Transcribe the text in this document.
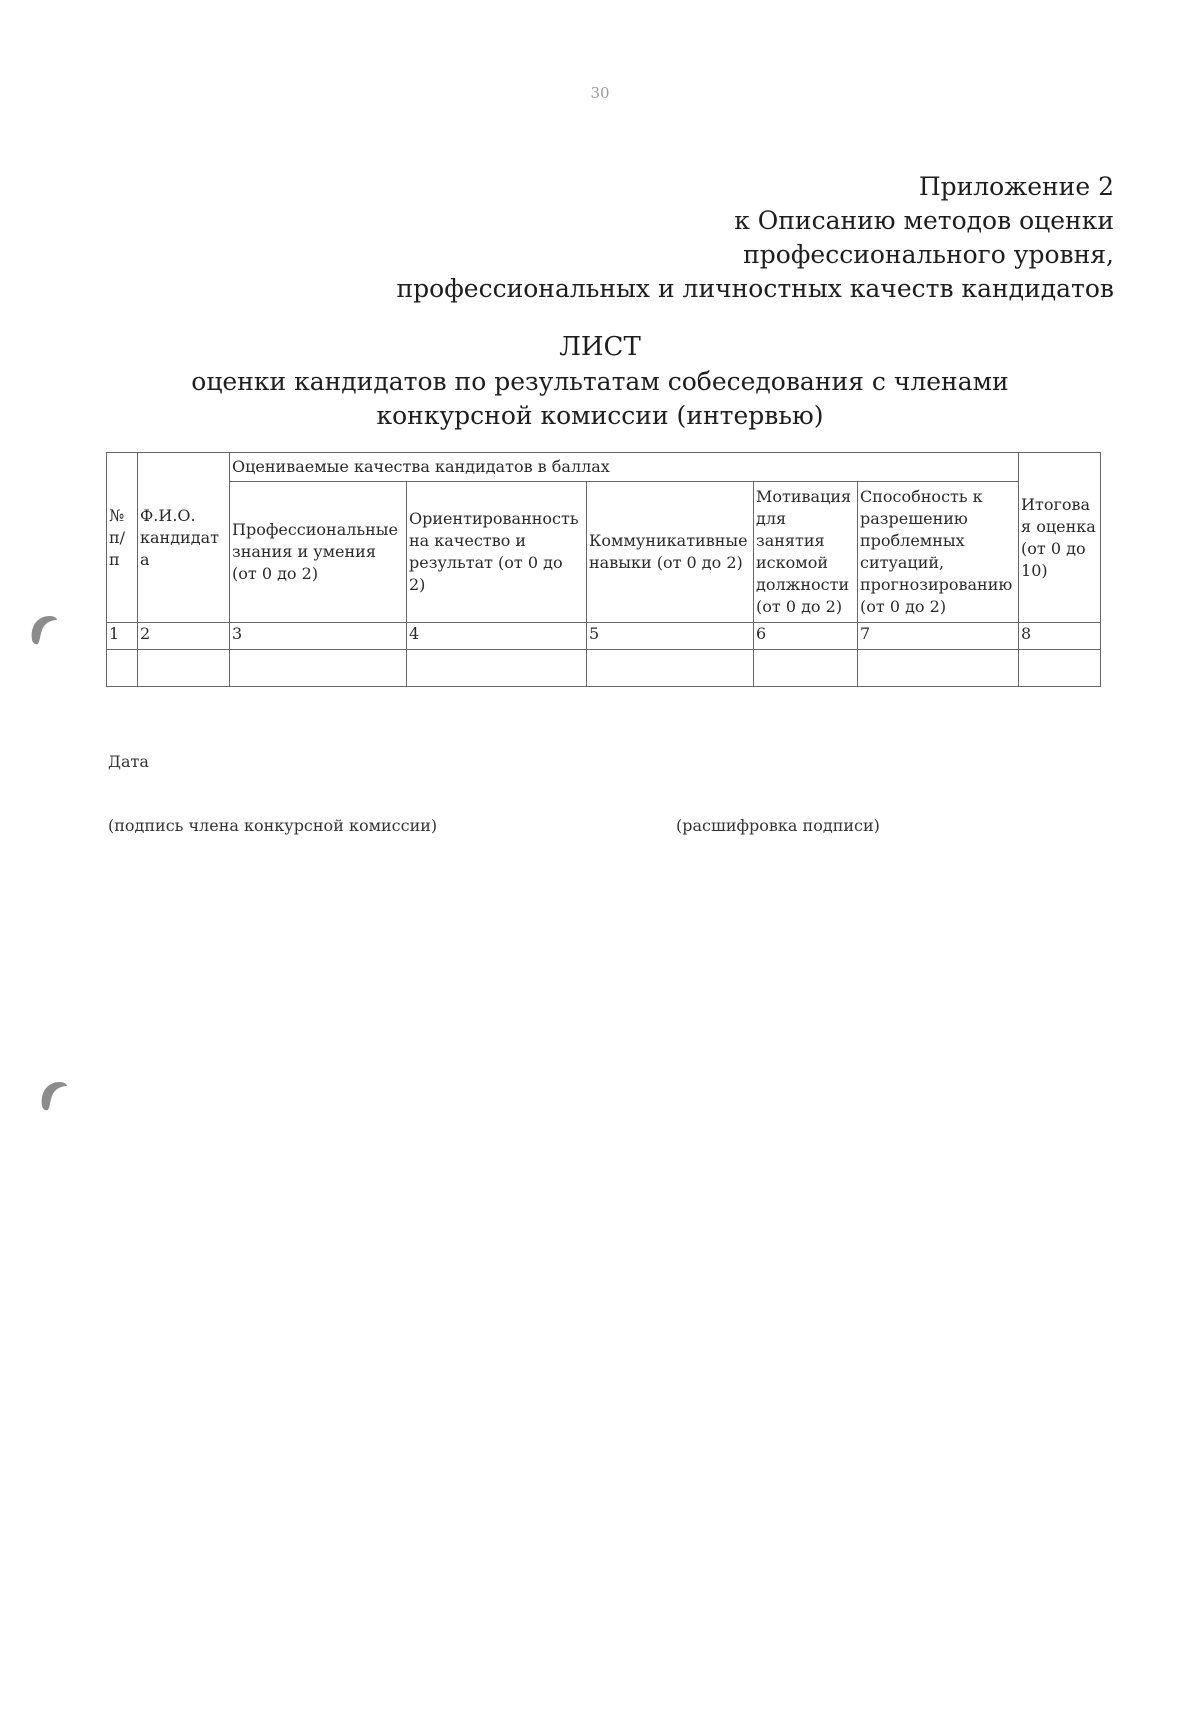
30
Приложение 2
к Описанию методов оценки
профессионального уровня,
профессиональных и личностных качеств кандидатов
ЛИСТ
оценки кандидатов по результатам собеседования с членами конкурсной комиссии (интервью)
№ п/п	Ф.И.О. кандидата	Оцениваемые качества кандидатов в баллах					Итоговая оценка (от 0 до 10)
		Профессиональные знания и умения (от 0 до 2)	Ориентированность на качество и результат (от 0 до 2)	Коммуникативные навыки (от 0 до 2)	Мотивация для занятия искомой должности (от 0 до 2)	Способность к разрешению проблемных ситуаций, прогнозированию (от 0 до 2)	
1	2	3	4	5	6	7	8

Дата
(подпись члена конкурсной комиссии)	(расшифровка подписи)
